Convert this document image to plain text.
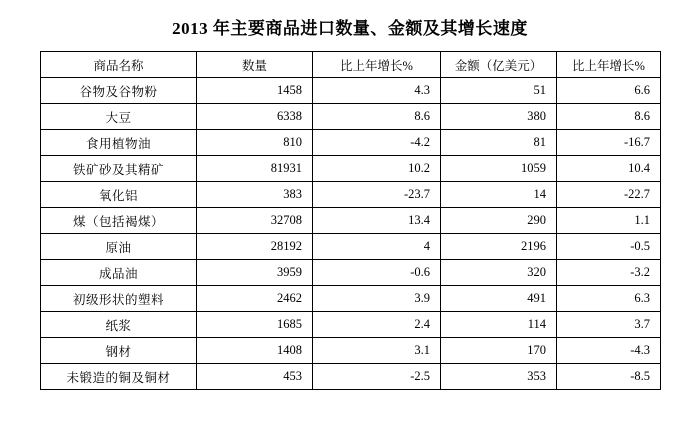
2013 年主要商品进口数量、金额及其增长速度
商品名称	数量	比上年增长%	金额（亿美元）	比上年增长%
谷物及谷物粉	1458	4.3	51	6.6
大豆	6338	8.6	380	8.6
食用植物油	810	-4.2	81	-16.7
铁矿砂及其精矿	81931	10.2	1059	10.4
氧化铝	383	-23.7	14	-22.7
煤（包括褐煤）	32708	13.4	290	1.1
原油	28192	4	2196	-0.5
成品油	3959	-0.6	320	-3.2
初级形状的塑料	2462	3.9	491	6.3
纸浆	1685	2.4	114	3.7
钢材	1408	3.1	170	-4.3
未锻造的铜及铜材	453	-2.5	353	-8.5
